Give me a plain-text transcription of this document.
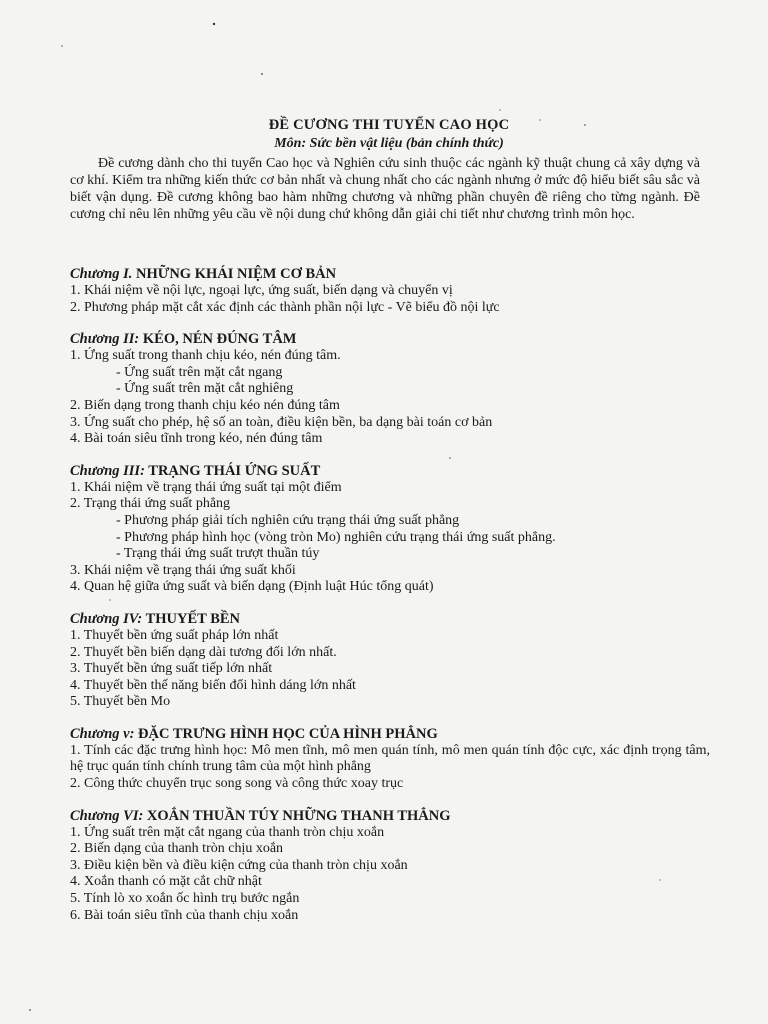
ĐỀ CƯƠNG THI TUYỂN CAO HỌC
Môn: Sức bền vật liệu (bản chính thức)

Đề cương dành cho thi tuyển Cao học và Nghiên cứu sinh thuộc các ngành kỹ thuật chung cả xây dựng và cơ khí. Kiểm tra những kiến thức cơ bản nhất và chung nhất cho các ngành nhưng ở mức độ hiểu biết sâu sắc và biết vận dụng. Đề cương không bao hàm những chương và những phần chuyên đề riêng cho từng ngành. Đề cương chỉ nêu lên những yêu cầu về nội dung chứ không dẫn giải chi tiết như chương trình môn học.

Chương I. NHỮNG KHÁI NIỆM CƠ BẢN
1. Khái niệm về nội lực, ngoại lực, ứng suất, biến dạng và chuyển vị
2. Phương pháp mặt cắt xác định các thành phần nội lực - Vẽ biểu đồ nội lực
Chương II: KÉO, NÉN ĐÚNG TÂM
1. Ứng suất trong thanh chịu kéo, nén đúng tâm.
- Ứng suất trên mặt cắt ngang
- Ứng suất trên mặt cắt nghiêng
2. Biến dạng trong thanh chịu kéo nén đúng tâm
3. Ứng suất cho phép, hệ số an toàn, điều kiện bền, ba dạng bài toán cơ bản
4. Bài toán siêu tĩnh trong kéo, nén đúng tâm
Chương III: TRẠNG THÁI ỨNG SUẤT
1. Khái niệm về trạng thái ứng suất tại một điểm
2. Trạng thái ứng suất phẳng
- Phương pháp giải tích nghiên cứu trạng thái ứng suất phẳng
- Phương pháp hình học (vòng tròn Mo) nghiên cứu trạng thái ứng suất phẳng.
- Trạng thái ứng suất trượt thuần túy
3. Khái niệm về trạng thái ứng suất khối
4. Quan hệ giữa ứng suất và biến dạng (Định luật Húc tổng quát)
Chương IV: THUYẾT BỀN
1. Thuyết bền ứng suất pháp lớn nhất
2. Thuyết bền biến dạng dài tương đối lớn nhất.
3. Thuyết bền ứng suất tiếp lớn nhất
4. Thuyết bền thế năng biến đổi hình dáng lớn nhất
5. Thuyết bền Mo
Chương v: ĐẶC TRƯNG HÌNH HỌC CỦA HÌNH PHẲNG
1. Tính các đặc trưng hình học: Mô men tĩnh, mô men quán tính, mô men quán tính độc cực, xác định trọng tâm, hệ trục quán tính chính trung tâm của một hình phẳng
2. Công thức chuyển trục song song và công thức xoay trục
Chương VI: XOẮN THUẦN TÚY NHỮNG THANH THẲNG
1. Ứng suất trên mặt cắt ngang của thanh tròn chịu xoắn
2. Biến dạng của thanh tròn chịu xoắn
3. Điều kiện bền và điều kiện cứng của thanh tròn chịu xoắn
4. Xoắn thanh có mặt cắt chữ nhật
5. Tính lò xo xoắn ốc hình trụ bước ngắn
6. Bài toán siêu tĩnh của thanh chịu xoắn
